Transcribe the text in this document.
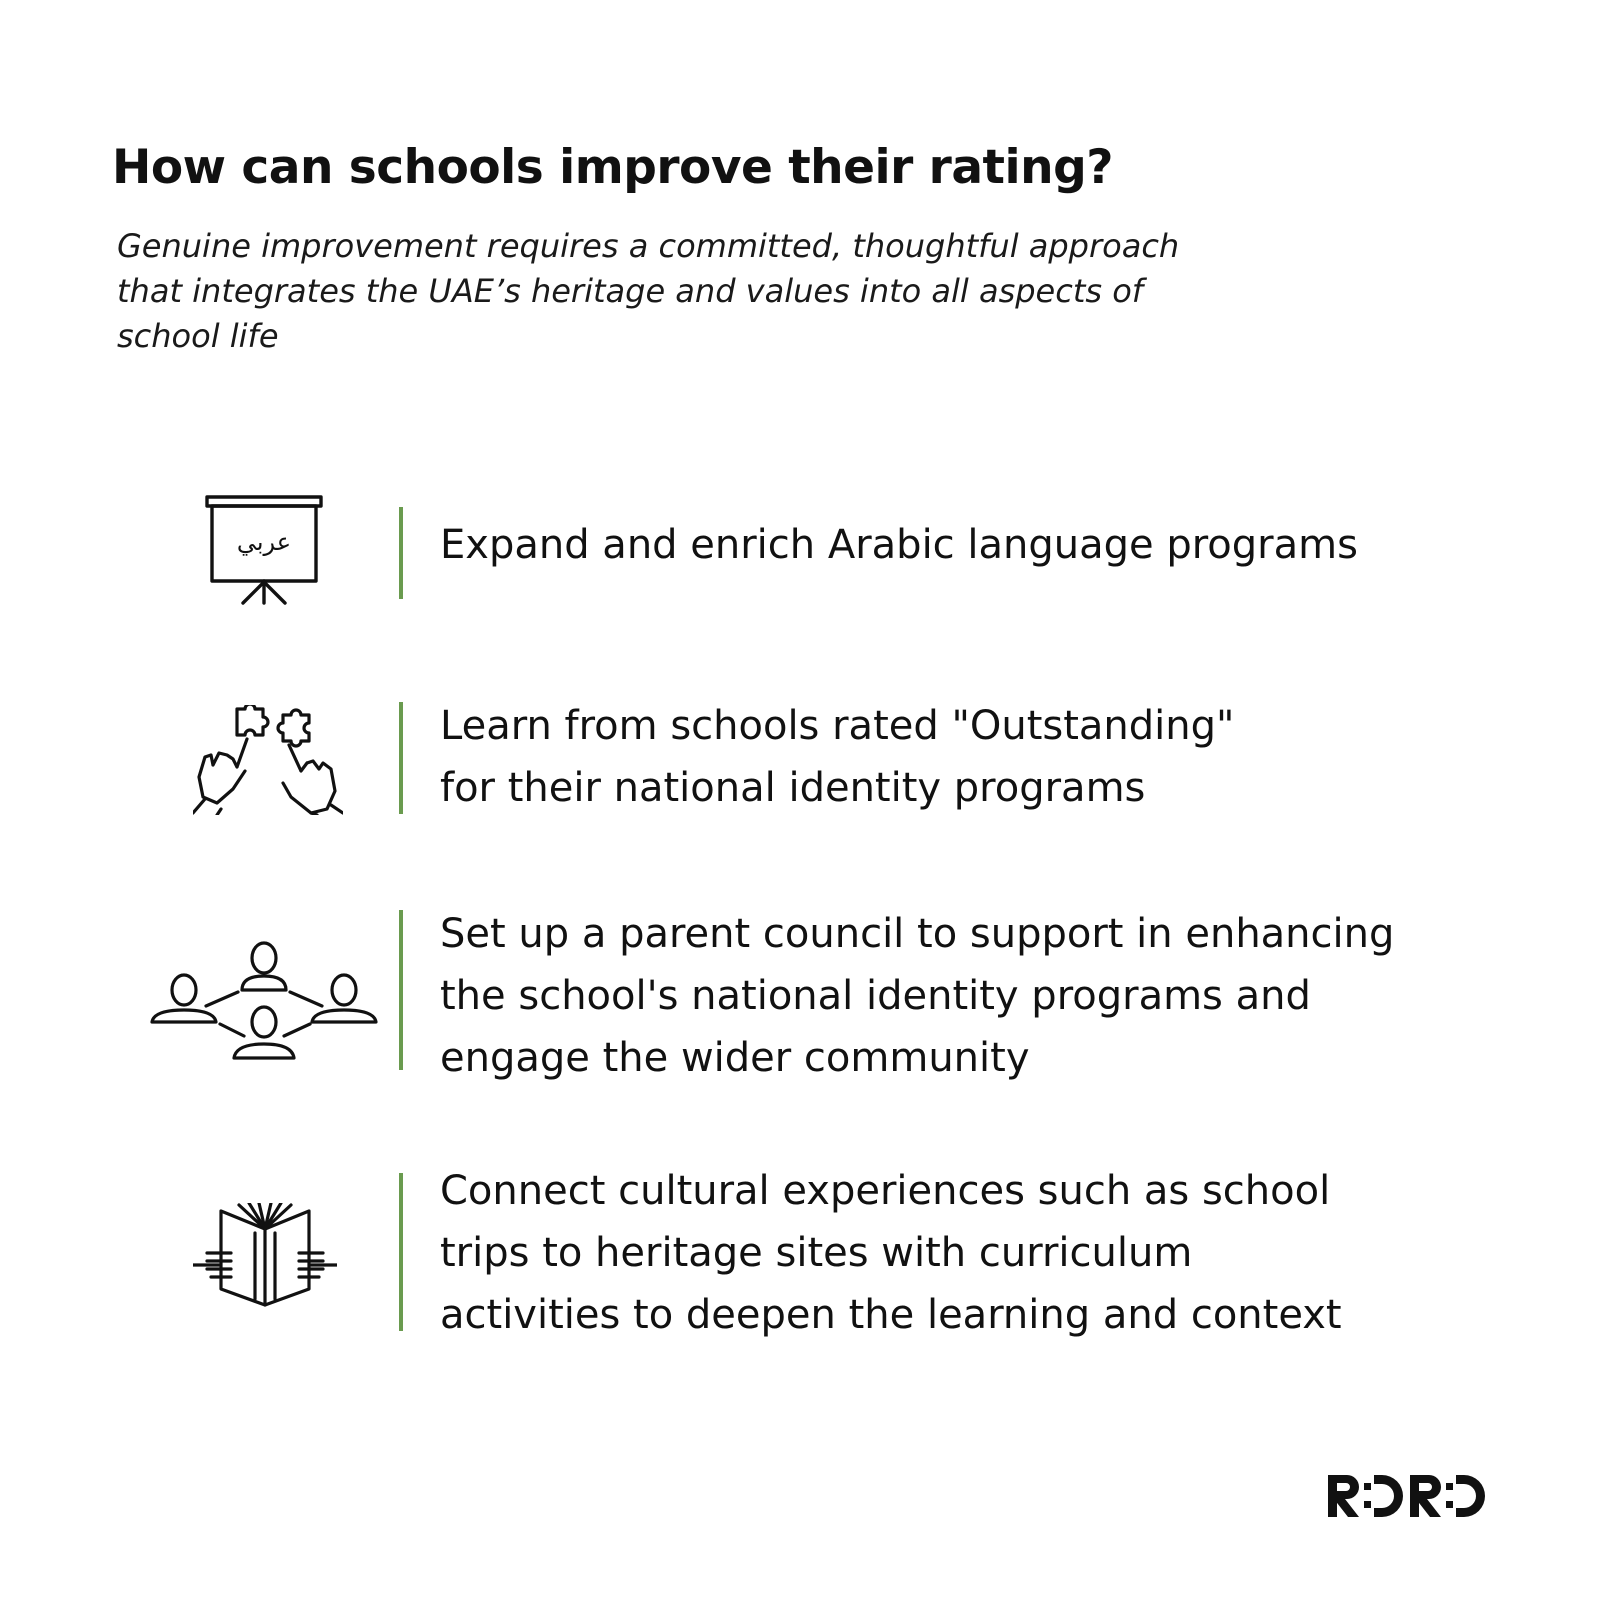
How can schools improve their rating?

Genuine improvement requires a committed, thoughtful approach
that integrates the UAE’s heritage and values into all aspects of
school life

عربي	Expand and enrich Arabic language programs

Learn from schools rated "Outstanding"
for their national identity programs

Set up a parent council to support in enhancing
the school's national identity programs and
engage the wider community

Connect cultural experiences such as school
trips to heritage sites with curriculum
activities to deepen the learning and context
